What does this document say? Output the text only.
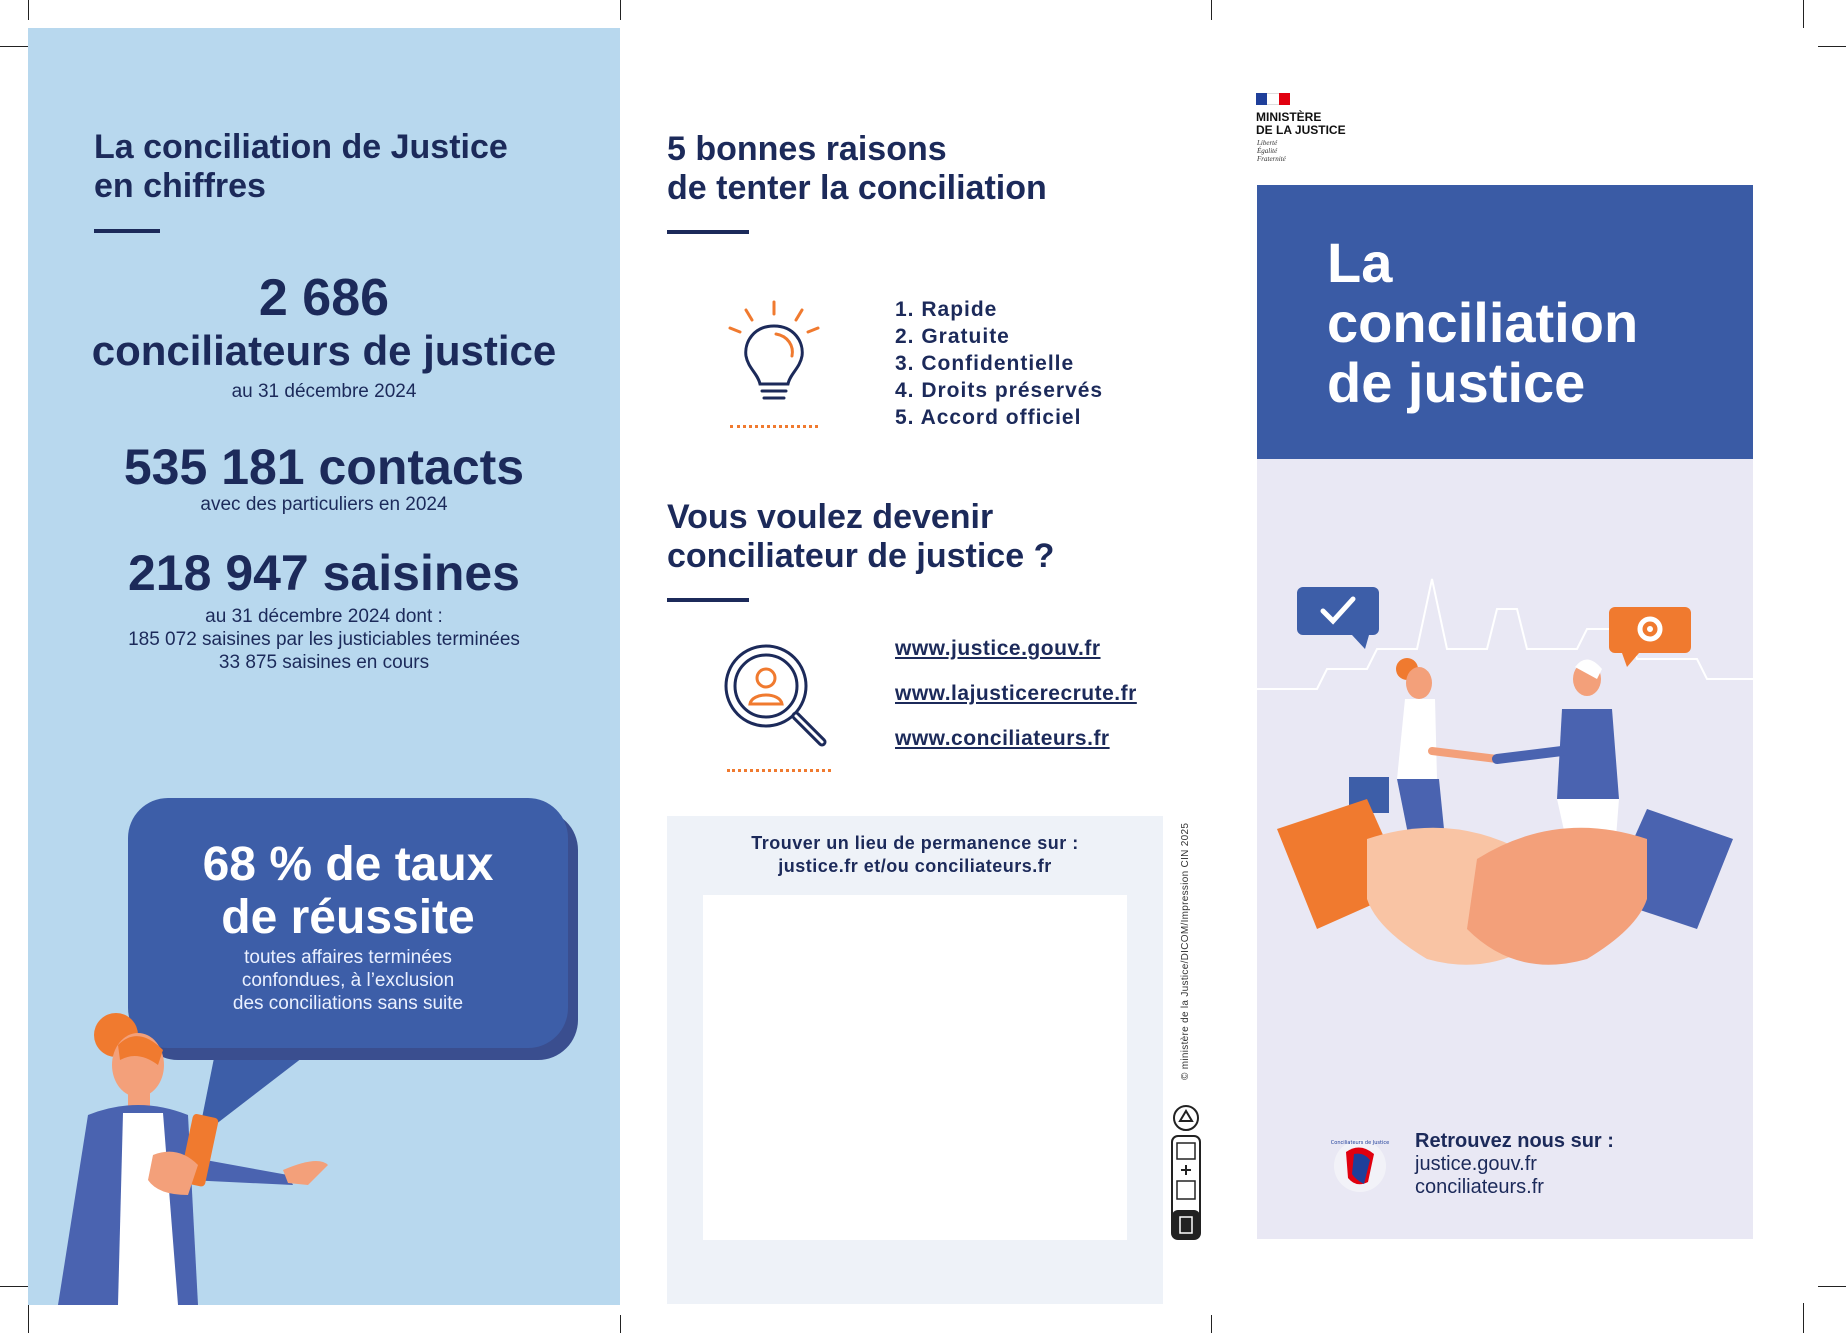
La conciliation de Justice
en chiffres
2 686
conciliateurs de justice
au 31 décembre 2024
535 181 contacts
avec des particuliers en 2024
218 947 saisines
au 31 décembre 2024 dont :
185 072 saisines par les justiciables terminées
33 875 saisines en cours
68 % de taux
de réussite
toutes affaires terminées
confondues, à l’exclusion
des conciliations sans suite
5 bonnes raisons
de tenter la conciliation
1. Rapide
2. Gratuite
3. Confidentielle
4. Droits préservés
5. Accord officiel
Vous voulez devenir
conciliateur de justice ?
www.justice.gouv.fr
www.lajusticerecrute.fr
www.conciliateurs.fr
Trouver un lieu de permanence sur :
justice.fr et/ou conciliateurs.fr	© ministère de la Justice/DICOM/Impression CIN 2025
MINISTÈRE
DE LA JUSTICE
Liberté
Égalité
Fraternité
La
conciliation
de justice
Conciliateurs de Justice Retrouvez nous sur :
justice.gouv.fr
conciliateurs.fr
